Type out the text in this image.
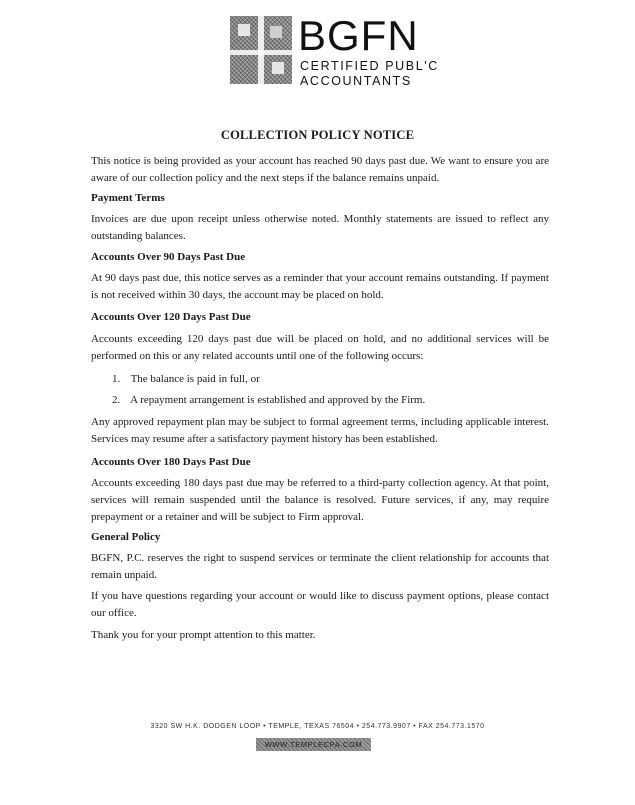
BGFN
CERTIFIED PUBL'C
ACCOUNTANTS
COLLECTION POLICY NOTICE
This notice is being provided as your account has reached 90 days past due. We want to ensure you are aware of our collection policy and the next steps if the balance remains unpaid.
Payment Terms
Invoices are due upon receipt unless otherwise noted. Monthly statements are issued to reflect any outstanding balances.
Accounts Over 90 Days Past Due
At 90 days past due, this notice serves as a reminder that your account remains outstanding. If payment is not received within 30 days, the account may be placed on hold.
Accounts Over 120 Days Past Due
Accounts exceeding 120 days past due will be placed on hold, and no additional services will be performed on this or any related accounts until one of the following occurs:
1. The balance is paid in full, or
2. A repayment arrangement is established and approved by the Firm.
Any approved repayment plan may be subject to formal agreement terms, including applicable interest. Services may resume after a satisfactory payment history has been established.
Accounts Over 180 Days Past Due
Accounts exceeding 180 days past due may be referred to a third-party collection agency. At that point, services will remain suspended until the balance is resolved. Future services, if any, may require prepayment or a retainer and will be subject to Firm approval.
General Policy
BGFN, P.C. reserves the right to suspend services or terminate the client relationship for accounts that remain unpaid.
If you have questions regarding your account or would like to discuss payment options, please contact our office.
Thank you for your prompt attention to this matter.
3320 SW H.K. DODGEN LOOP • TEMPLE, TEXAS 76504 • 254.773.9907 • FAX 254.773.1570
WWW.TEMPLECPA.COM
